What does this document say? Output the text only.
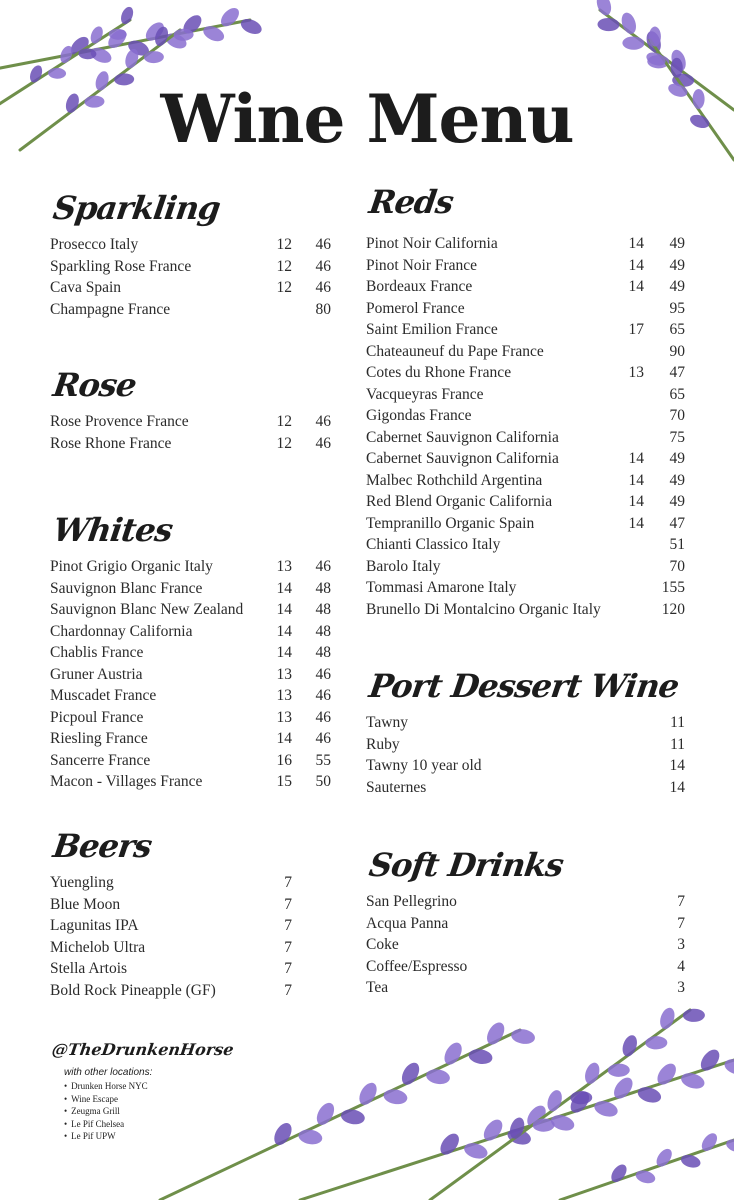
Wine Menu
Sparkling
Prosecco Italy	12	46
Sparkling Rose France	12	46
Cava Spain	12	46
Champagne France	80
Rose
Rose Provence France	12	46
Rose Rhone France	12	46
Whites
Pinot Grigio Organic Italy	13	46
Sauvignon Blanc France	14	48
Sauvignon Blanc New Zealand	14	48
Chardonnay California	14	48
Chablis France	14	48
Gruner Austria	13	46
Muscadet France	13	46
Picpoul France	13	46
Riesling France	14	46
Sancerre France	16	55
Macon - Villages France	15	50
Beers
Yuengling	7
Blue Moon	7
Lagunitas IPA	7
Michelob Ultra	7
Stella Artois	7
Bold Rock Pineapple (GF)	7
Reds
Pinot Noir California	14	49
Pinot Noir France	14	49
Bordeaux France	14	49
Pomerol France	95
Saint Emilion France	17	65
Chateauneuf du Pape France	90
Cotes du Rhone France	13	47
Vacqueyras France	65
Gigondas France	70
Cabernet Sauvignon California	75
Cabernet Sauvignon California	14	49
Malbec Rothchild Argentina	14	49
Red Blend Organic California	14	49
Tempranillo Organic Spain	14	47
Chianti Classico Italy	51
Barolo Italy	70
Tommasi Amarone Italy	155
Brunello Di Montalcino Organic Italy	120
Port Dessert Wine
Tawny	11
Ruby	11
Tawny 10 year old	14
Sauternes	14
Soft Drinks
San Pellegrino	7
Acqua Panna	7
Coke	3
Coffee/Espresso	4
Tea	3
@TheDrunkenHorse
with other locations:
• Drunken Horse NYC
• Wine Escape
• Zeugma Grill
• Le Pif Chelsea
• Le Pif UPW
